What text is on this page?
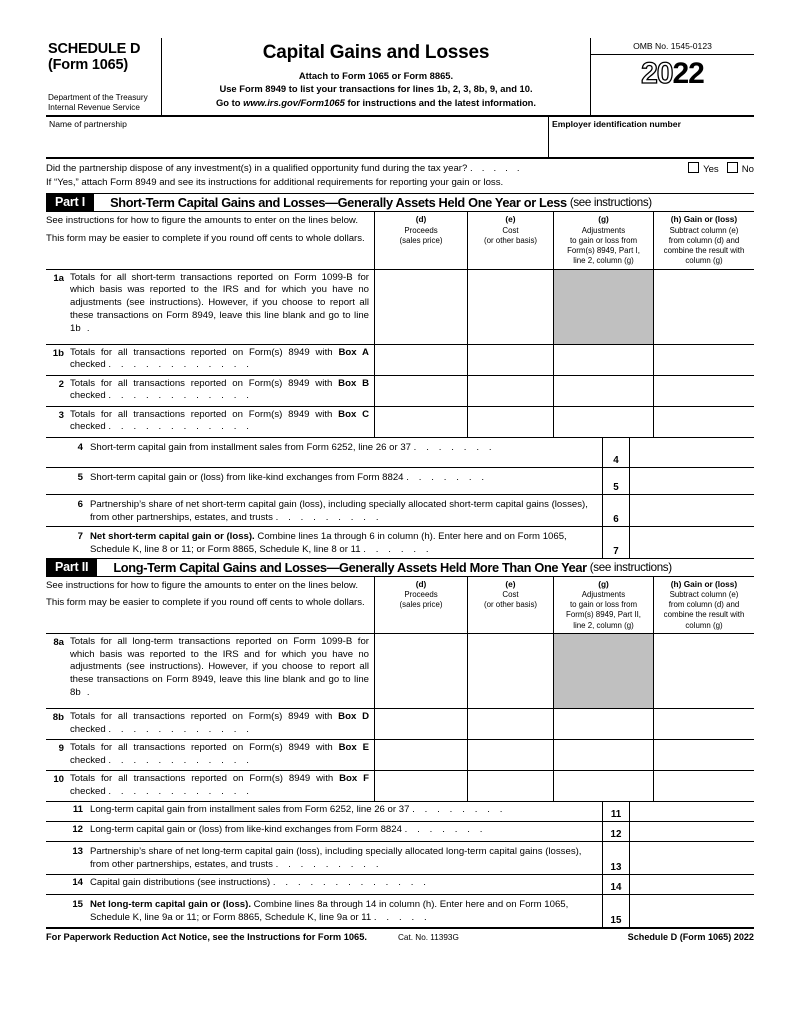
SCHEDULE D
(Form 1065)
Department of the Treasury
Internal Revenue Service
Capital Gains and Losses
Attach to Form 1065 or Form 8865.
Use Form 8949 to list your transactions for lines 1b, 2, 3, 8b, 9, and 10.
Go to www.irs.gov/Form1065 for instructions and the latest information.
OMB No. 1545-0123
2022
Name of partnership	Employer identification number
Did the partnership dispose of any investment(s) in a qualified opportunity fund during the tax year? . . . . .	Yes No
If “Yes,” attach Form 8949 and see its instructions for additional requirements for reporting your gain or loss.
Part I	Short-Term Capital Gains and Losses—Generally Assets Held One Year or Less (see instructions)

See instructions for how to figure the amounts to enter on the lines below.

This form may be easier to complete if you round off cents to whole dollars.

(d)
Proceeds
(sales price)
(e)
Cost
(or other basis)
(g)
Adjustments
to gain or loss from
Form(s) 8949, Part I,
line 2, column (g)
(h) Gain or (loss)
Subtract column (e)
from column (d) and
combine the result with
column (g)
1a Totals for all short-term transactions reported on Form 1099-B for which basis was reported to the IRS and for which you have no adjustments (see instructions). However, if you choose to report all these transactions on Form 8949, leave this line blank and go to line 1b .
1b Totals for all transactions reported on Form(s) 8949 with Box A checked . . . . . . . . . . . .
2 Totals for all transactions reported on Form(s) 8949 with Box B checked . . . . . . . . . . . .
3 Totals for all transactions reported on Form(s) 8949 with Box C checked . . . . . . . . . . . .
4 Short-term capital gain from installment sales from Form 6252, line 26 or 37 . . . . . . .
4
5 Short-term capital gain or (loss) from like-kind exchanges from Form 8824 . . . . . . .
5
6 Partnership’s share of net short-term capital gain (loss), including specially allocated short-term capital gains (losses), from other partnerships, estates, and trusts . . . . . . . . .	6
7 Net short-term capital gain or (loss). Combine lines 1a through 6 in column (h). Enter here and on Form 1065, Schedule K, line 8 or 11; or Form 8865, Schedule K, line 8 or 11 . . . . . .	7
Part II	Long-Term Capital Gains and Losses—Generally Assets Held More Than One Year (see instructions)

See instructions for how to figure the amounts to enter on the lines below.

This form may be easier to complete if you round off cents to whole dollars.

(d)
Proceeds
(sales price)
(e)
Cost
(or other basis)
(g)
Adjustments
to gain or loss from
Form(s) 8949, Part II,
line 2, column (g)
(h) Gain or (loss)
Subtract column (e)
from column (d) and
combine the result with
column (g)
8a Totals for all long-term transactions reported on Form 1099-B for which basis was reported to the IRS and for which you have no adjustments (see instructions). However, if you choose to report all these transactions on Form 8949, leave this line blank and go to line 8b .
8b Totals for all transactions reported on Form(s) 8949 with Box D checked . . . . . . . . . . . .
9 Totals for all transactions reported on Form(s) 8949 with Box E checked . . . . . . . . . . . .
10 Totals for all transactions reported on Form(s) 8949 with Box F checked . . . . . . . . . . . .
11 Long-term capital gain from installment sales from Form 6252, line 26 or 37 . . . . . . . .	11
12 Long-term capital gain or (loss) from like-kind exchanges from Form 8824 . . . . . . .	12
13 Partnership’s share of net long-term capital gain (loss), including specially allocated long-term capital gains (losses), from other partnerships, estates, and trusts . . . . . . . . .	13
14 Capital gain distributions (see instructions) . . . . . . . . . . . . .	14
15 Net long-term capital gain or (loss). Combine lines 8a through 14 in column (h). Enter here and on Form 1065, Schedule K, line 9a or 11; or Form 8865, Schedule K, line 9a or 11 . . . . .	15
For Paperwork Reduction Act Notice, see the Instructions for Form 1065.	Cat. No. 11393G	Schedule D (Form 1065) 2022
